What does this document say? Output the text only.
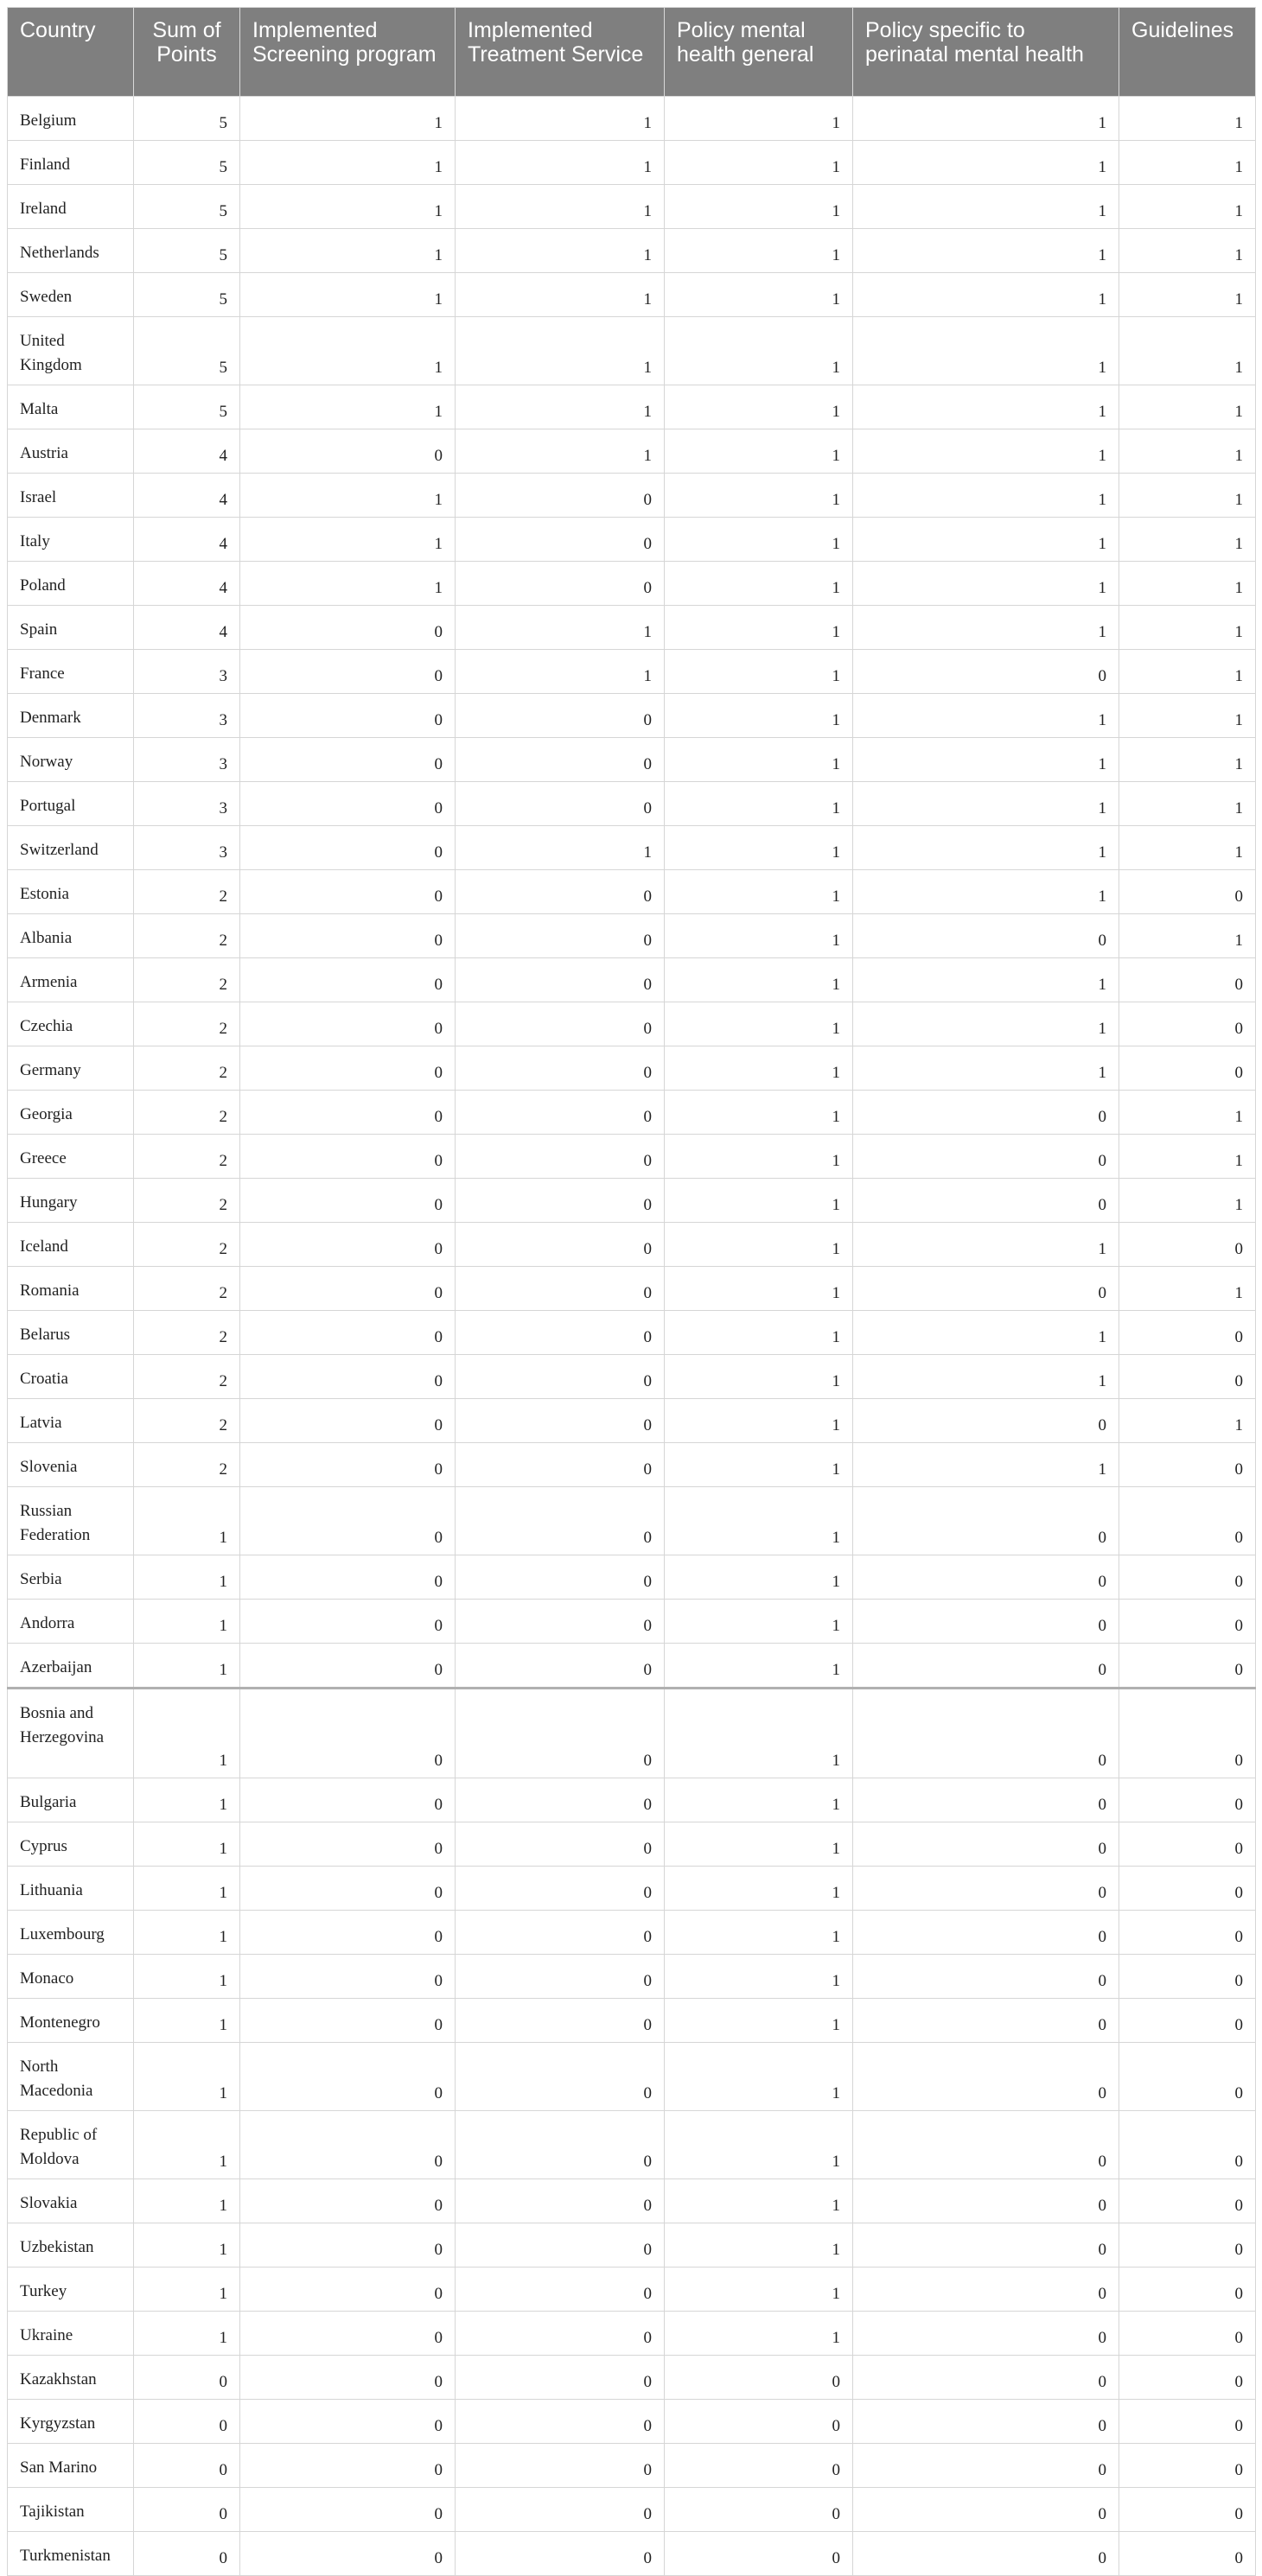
Country	Sum of Points	Implemented Screening program	Implemented Treatment Service	Policy mental health general	Policy specific to perinatal mental health	Guidelines
Belgium	5	1	1	1	1	1
Finland	5	1	1	1	1	1
Ireland	5	1	1	1	1	1
Netherlands	5	1	1	1	1	1
Sweden	5	1	1	1	1	1
United Kingdom	5	1	1	1	1	1
Malta	5	1	1	1	1	1
Austria	4	0	1	1	1	1
Israel	4	1	0	1	1	1
Italy	4	1	0	1	1	1
Poland	4	1	0	1	1	1
Spain	4	0	1	1	1	1
France	3	0	1	1	0	1
Denmark	3	0	0	1	1	1
Norway	3	0	0	1	1	1
Portugal	3	0	0	1	1	1
Switzerland	3	0	1	1	1	1
Estonia	2	0	0	1	1	0
Albania	2	0	0	1	0	1
Armenia	2	0	0	1	1	0
Czechia	2	0	0	1	1	0
Germany	2	0	0	1	1	0
Georgia	2	0	0	1	0	1
Greece	2	0	0	1	0	1
Hungary	2	0	0	1	0	1
Iceland	2	0	0	1	1	0
Romania	2	0	0	1	0	1
Belarus	2	0	0	1	1	0
Croatia	2	0	0	1	1	0
Latvia	2	0	0	1	0	1
Slovenia	2	0	0	1	1	0
Russian Federation	1	0	0	1	0	0
Serbia	1	0	0	1	0	0
Andorra	1	0	0	1	0	0
Azerbaijan	1	0	0	1	0	0
Bosnia and Herzegovina	1	0	0	1	0	0
Bulgaria	1	0	0	1	0	0
Cyprus	1	0	0	1	0	0
Lithuania	1	0	0	1	0	0
Luxembourg	1	0	0	1	0	0
Monaco	1	0	0	1	0	0
Montenegro	1	0	0	1	0	0
North Macedonia	1	0	0	1	0	0
Republic of Moldova	1	0	0	1	0	0
Slovakia	1	0	0	1	0	0
Uzbekistan	1	0	0	1	0	0
Turkey	1	0	0	1	0	0
Ukraine	1	0	0	1	0	0
Kazakhstan	0	0	0	0	0	0
Kyrgyzstan	0	0	0	0	0	0
San Marino	0	0	0	0	0	0
Tajikistan	0	0	0	0	0	0
Turkmenistan	0	0	0	0	0	0
